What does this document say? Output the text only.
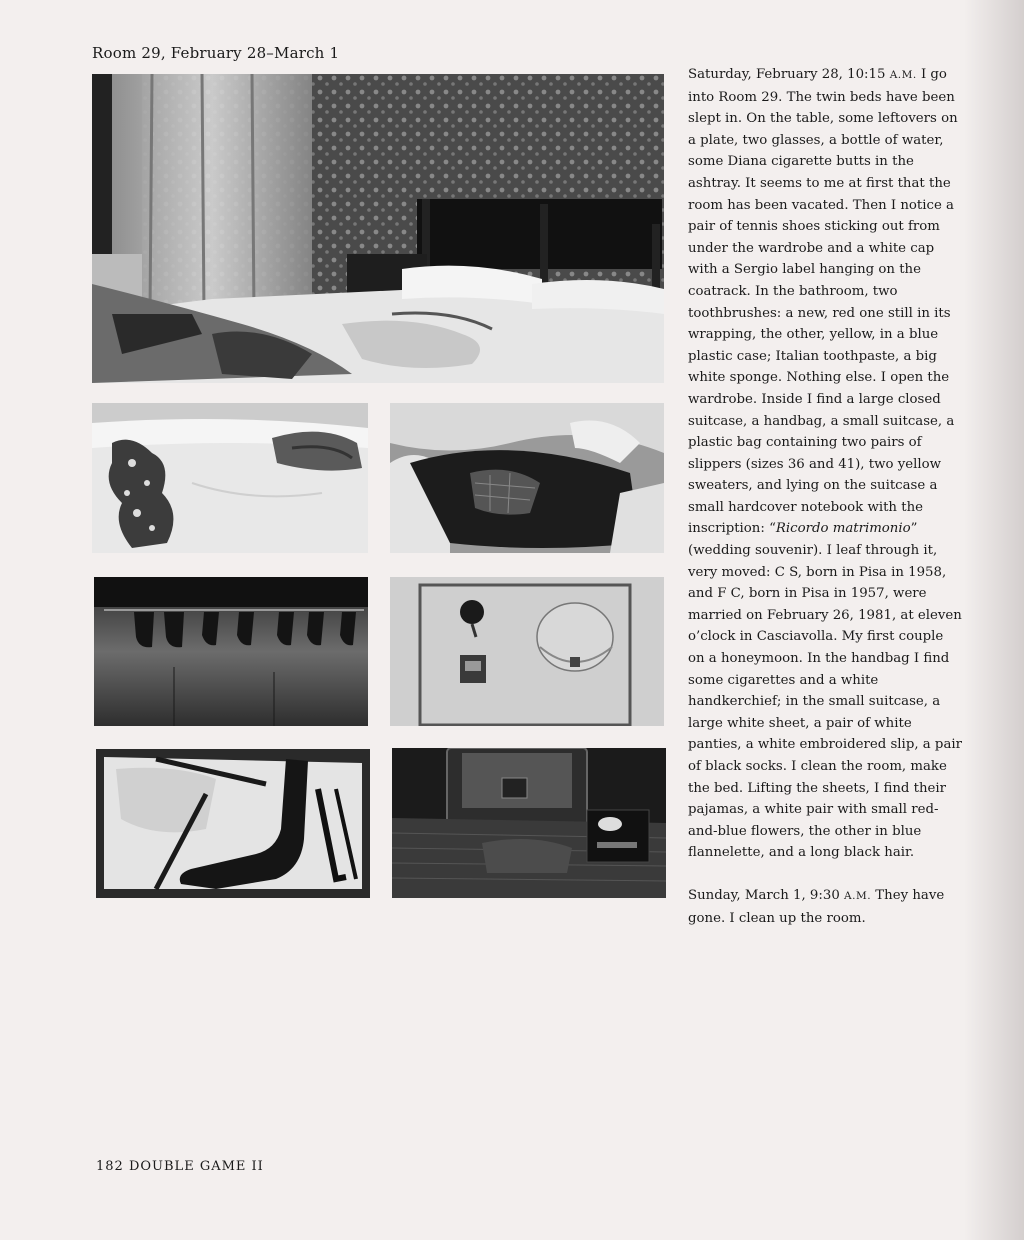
Room 29, February 28–March 1

Saturday, February 28, 10:15 A.M. I go into Room 29. The twin beds have been slept in. On the table, some leftovers on a plate, two glasses, a bottle of water, some Diana cigarette butts in the ashtray. It seems to me at first that the room has been vacated. Then I notice a pair of tennis shoes sticking out from under the wardrobe and a white cap with a Sergio label hanging on the coatrack. In the bathroom, two toothbrushes: a new, red one still in its wrapping, the other, yellow, in a blue plastic case; Italian toothpaste, a big white sponge. Nothing else. I open the wardrobe. Inside I find a large closed suitcase, a handbag, a small suitcase, a plastic bag containing two pairs of slippers (sizes 36 and 41), two yellow sweaters, and lying on the suitcase a small hardcover notebook with the inscription: “Ricordo matrimonio” (wedding souvenir). I leaf through it, very moved: C S, born in Pisa in 1958, and F C, born in Pisa in 1957, were married on February 26, 1981, at eleven o’clock in Casciavolla. My first couple on a honeymoon. In the handbag I find some cigarettes and a white handkerchief; in the small suitcase, a large white sheet, a pair of white panties, a white embroidered slip, a pair of black socks. I clean the room, make the bed. Lifting the sheets, I find their pajamas, a white pair with small red-and-blue flowers, the other in blue flannelette, and a long black hair.

Sunday, March 1, 9:30 A.M. They have gone. I clean up the room.

182 DOUBLE GAME II
